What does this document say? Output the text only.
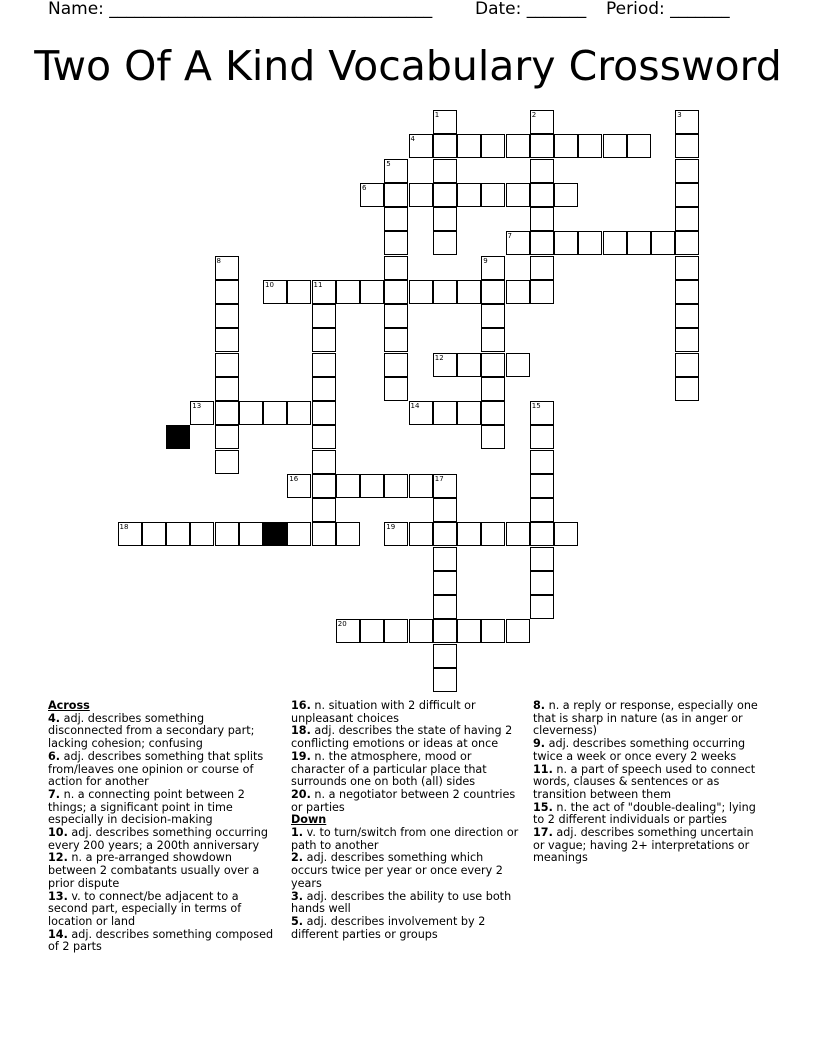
Name: ______________________________________	Date: _______ Period: _______
Two Of A Kind Vocabulary Crossword
1	2	3
4
5
6
7
8	9
10	11
12
13	14	15
16	17
18	19
20
Across
4. adj. describes something disconnected from a secondary part; lacking cohesion; confusing
6. adj. describes something that splits from/leaves one opinion or course of action for another
7. n. a connecting point between 2 things; a significant point in time especially in decision-making
10. adj. describes something occurring every 200 years; a 200th anniversary
12. n. a pre-arranged showdown between 2 combatants usually over a prior dispute
13. v. to connect/be adjacent to a second part, especially in terms of location or land
14. adj. describes something composed of 2 parts
16. n. situation with 2 difficult or unpleasant choices
18. adj. describes the state of having 2 conflicting emotions or ideas at once
19. n. the atmosphere, mood or character of a particular place that surrounds one on both (all) sides
20. n. a negotiator between 2 countries or parties
Down
1. v. to turn/switch from one direction or path to another
2. adj. describes something which occurs twice per year or once every 2 years
3. adj. describes the ability to use both hands well
5. adj. describes involvement by 2 different parties or groups
8. n. a reply or response, especially one that is sharp in nature (as in anger or cleverness)
9. adj. describes something occurring twice a week or once every 2 weeks
11. n. a part of speech used to connect words, clauses & sentences or as transition between them
15. n. the act of "double-dealing"; lying to 2 different individuals or parties
17. adj. describes something uncertain or vague; having 2+ interpretations or meanings
